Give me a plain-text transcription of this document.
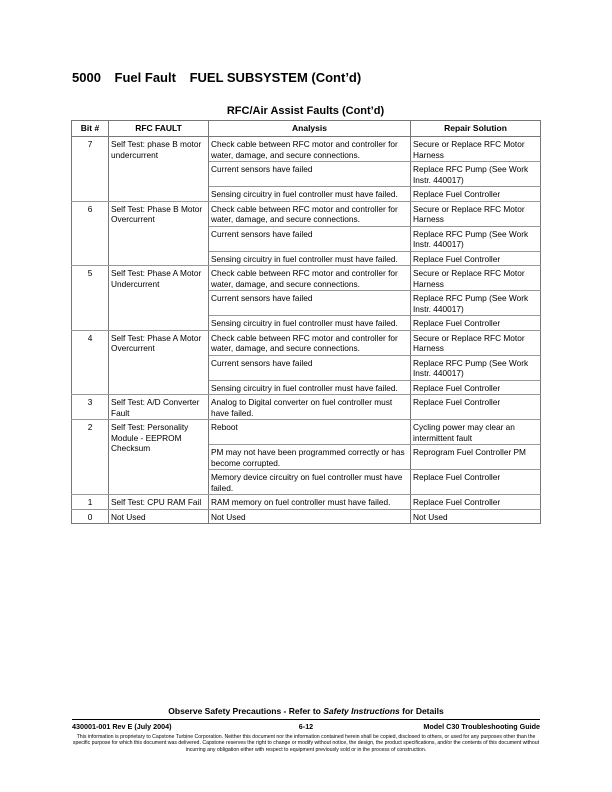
5000 Fuel Fault FUEL SUBSYSTEM (Cont’d)
RFC/Air Assist Faults (Cont’d)
Bit #	RFC FAULT	Analysis	Repair Solution
7	Self Test: phase B motor undercurrent	Check cable between RFC motor and controller for water, damage, and secure connections.	Secure or Replace RFC Motor Harness
		Current sensors have failed	Replace RFC Pump (See Work Instr. 440017)
		Sensing circuitry in fuel controller must have failed.	Replace Fuel Controller
6	Self Test: Phase B Motor Overcurrent	Check cable between RFC motor and controller for water, damage, and secure connections.	Secure or Replace RFC Motor Harness
		Current sensors have failed	Replace RFC Pump (See Work Instr. 440017)
		Sensing circuitry in fuel controller must have failed.	Replace Fuel Controller
5	Self Test: Phase A Motor Undercurrent	Check cable between RFC motor and controller for water, damage, and secure connections.	Secure or Replace RFC Motor Harness
		Current sensors have failed	Replace RFC Pump (See Work Instr. 440017)
		Sensing circuitry in fuel controller must have failed.	Replace Fuel Controller
4	Self Test: Phase A Motor Overcurrent	Check cable between RFC motor and controller for water, damage, and secure connections.	Secure or Replace RFC Motor Harness
		Current sensors have failed	Replace RFC Pump (See Work Instr. 440017)
		Sensing circuitry in fuel controller must have failed.	Replace Fuel Controller
3	Self Test: A/D Converter Fault	Analog to Digital converter on fuel controller must have failed.	Replace Fuel Controller
2	Self Test: Personality Module - EEPROM Checksum	Reboot	Cycling power may clear an intermittent fault
		PM may not have been programmed correctly or has become corrupted.	Reprogram Fuel Controller PM
		Memory device circuitry on fuel controller must have failed.	Replace Fuel Controller
1	Self Test: CPU RAM Fail	RAM memory on fuel controller must have failed.	Replace Fuel Controller
0	Not Used	Not Used	Not Used
Observe Safety Precautions - Refer to Safety Instructions for Details
430001-001 Rev E (July 2004)	6-12	Model C30 Troubleshooting Guide
This information is proprietary to Capstone Turbine Corporation. Neither this document nor the information contained herein shall be copied, disclosed to others, or used for any purposes other than the specific purpose for which this document was delivered. Capstone reserves the right to change or modify without notice, the design, the product specifications, and/or the contents of this document without incurring any obligation either with respect to equipment previously sold or in the process of construction.
